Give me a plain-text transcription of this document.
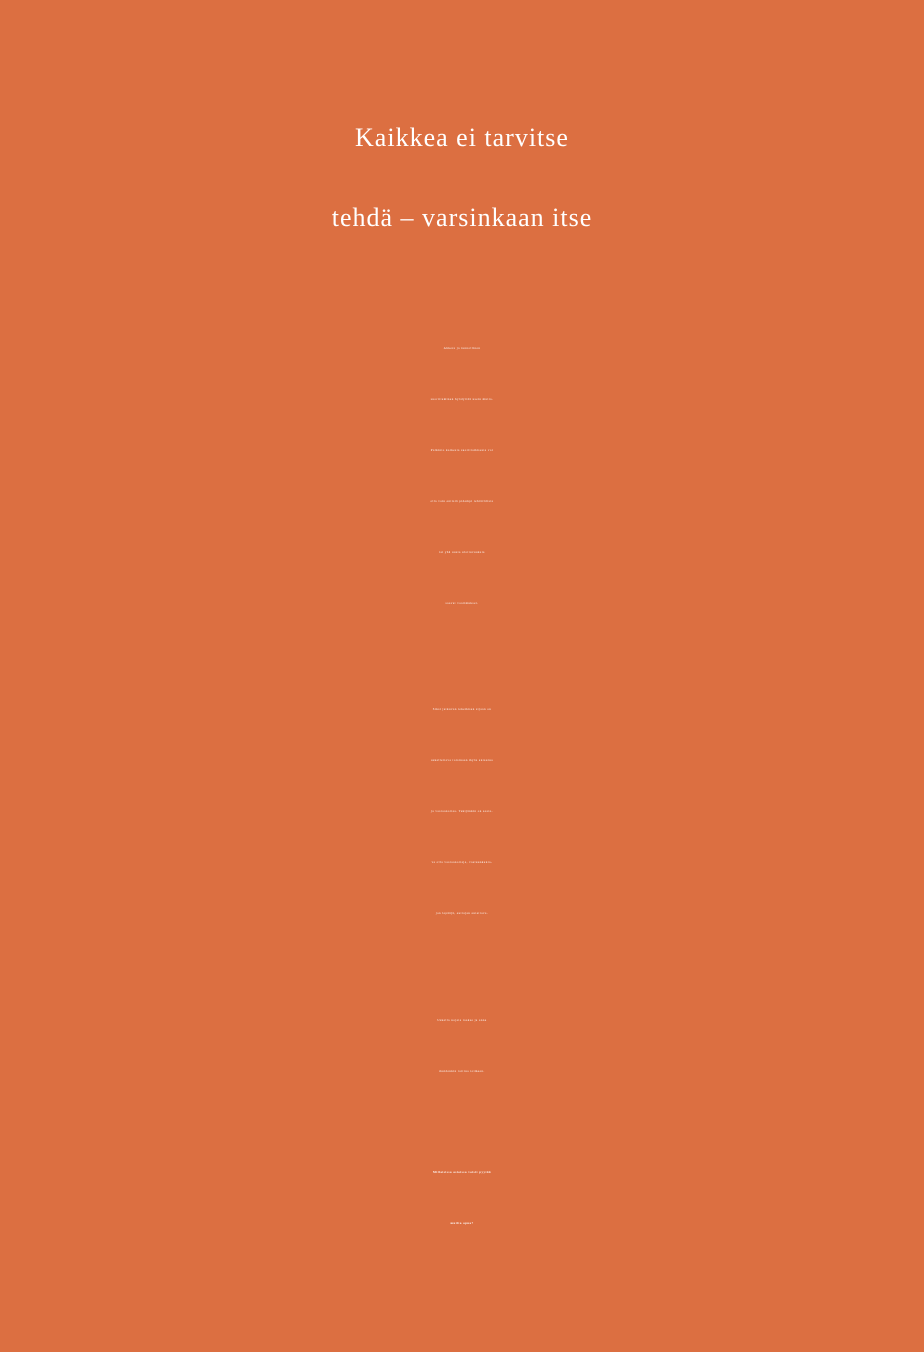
Kaikkea ei tarvitse
tehdä – varsinkaan itse

Ahkera ja tunnollinen
suorittaminen hyödyttää usein muita.
Palkinto kaikesta suorittamisesta voi
olla vain entistä pidempi tehtävälista
tai yhä uusia ulottuvuuksia
saavat vaatimukset.

Siksi jatkuvan tekemisen sijaan on
uskallettava toisinaan myös antautua
ja vastaanottaa. Tekijänkin on saata-
va olla vastaanottaja, vastuunkanta-
jan lepääjä, auttajan autettava.

Uskalla nojata taakse ja anna
muidenkin tarttua toimeen.

Millaisissa asioissa voisit pyytää
muilta apua?
